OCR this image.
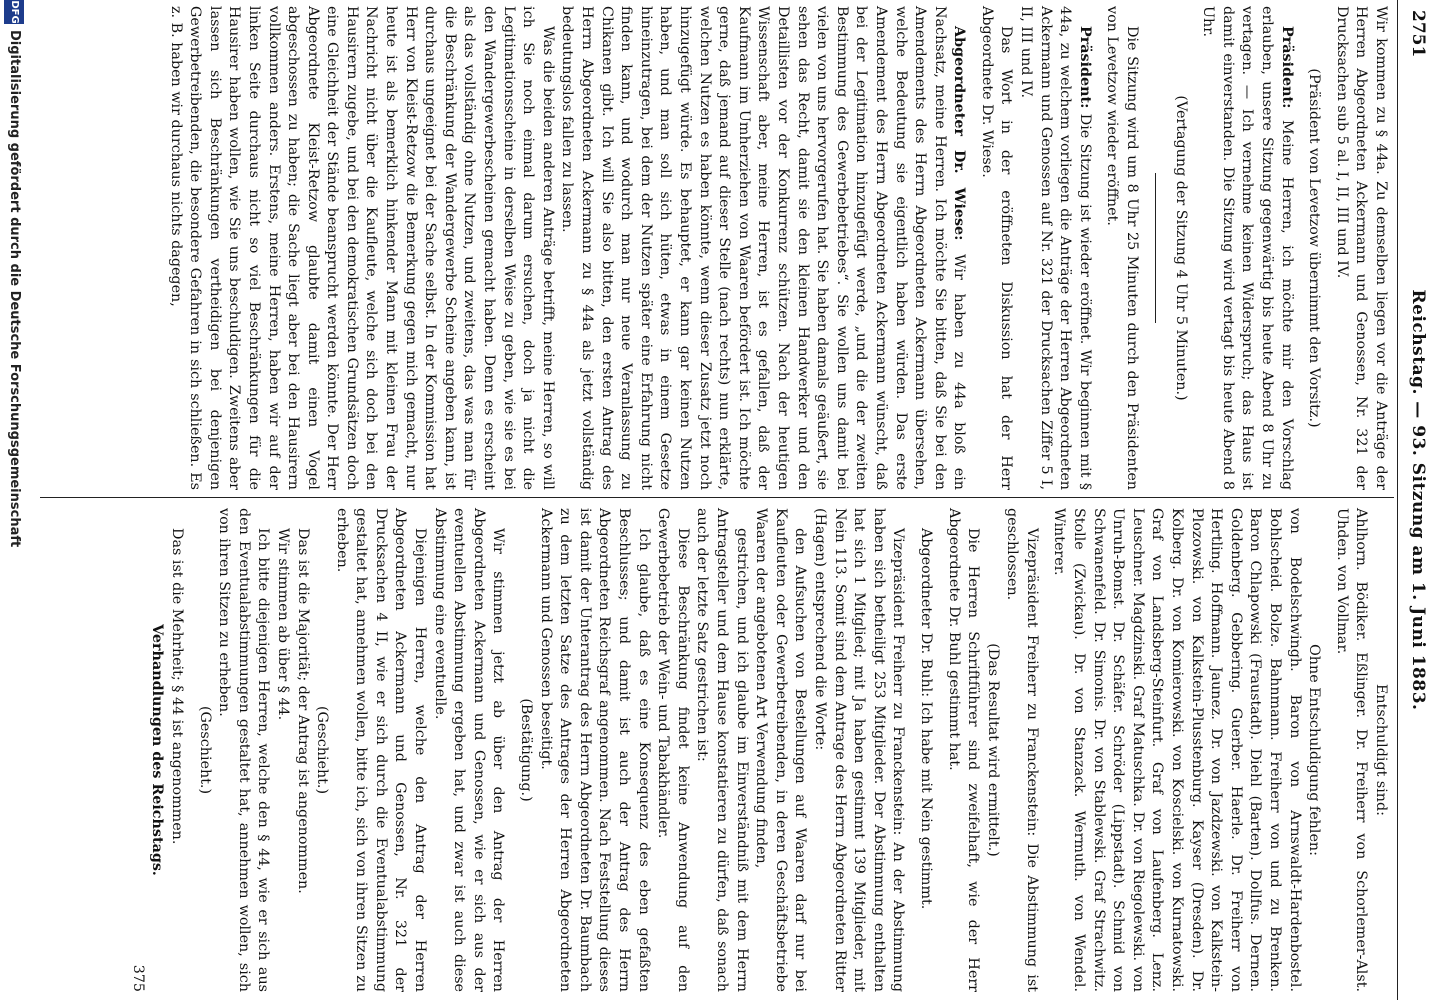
2751
Reichstag. — 93. Sitzung am 1. Juni 1883.

Wir kommen zu § 44a. Zu demselben liegen vor die Anträge der Herren Abgeordneten Ackermann und Genossen, Nr. 321 der Drucksachen sub 5 al. I, II, III und IV.

(Präsident von Levetzow übernimmt den Vorsitz.)

Präsident: Meine Herren, ich möchte mir den Vorschlag erlauben, unsere Sitzung gegenwärtig bis heute Abend 8 Uhr zu vertagen. — Ich vernehme keinen Widerspruch; das Haus ist damit einverstanden. Die Sitzung wird vertagt bis heute Abend 8 Uhr.

(Vertagung der Sitzung 4 Uhr 5 Minuten.)

Die Sitzung wird um 8 Uhr 25 Minuten durch den Präsidenten von Levetzow wieder eröffnet.

Präsident: Die Sitzung ist wieder eröffnet. Wir beginnen mit § 44a, zu welchem vorliegen die Anträge der Herren Abgeordneten Ackermann und Genossen auf Nr. 321 der Drucksachen Ziffer 5 I, II, III und IV.

Das Wort in der eröffneten Diskussion hat der Herr Abgeordnete Dr. Wiese.

Abgeordneter Dr. Wiese: Wir haben zu 44a bloß ein Nachsatz, meine Herren. Ich möchte Sie bitten, daß Sie bei den Amendements des Herrn Abgeordneten Ackermann übersehen, welche Bedeutung sie eigentlich haben würden. Das erste Amendement des Herrn Abgeordneten Ackermann wünscht, daß bei der Legitimation hinzugefügt werde, „und die der zweiten Bestimmung des Gewerbebetriebes“. Sie wollen uns damit bei vielen von uns hervorgerufen hat. Sie haben damals geäußert, sie sehen das Recht, damit sie den kleinen Handwerker und den Detaillisten vor der Konkurrenz schützen. Nach der heutigen Wissenschaft aber, meine Herren, ist es gefallen, daß der Kaufmann im Umherziehen von Waaren befördert ist. Ich möchte gerne, daß jemand auf dieser Stelle (nach rechts) nun erklärte, welchen Nutzen es haben könnte, wenn dieser Zusatz jetzt noch hinzugefügt würde. Es behauptet, er kann gar keinen Nutzen haben, und man soll sich hüten, etwas in einem Gesetze hineinzutragen, bei dem der Nutzen später eine Erfahrung nicht finden kann, und wodurch man nur neue Veranlassung zu Chikanen gibt. Ich will Sie also bitten, den ersten Antrag des Herrn Abgeordneten Ackermann zu § 44a als jetzt vollständig bedeutungslos fallen zu lassen.

Was die beiden anderen Anträge betrifft, meine Herren, so will ich Sie noch einmal darum ersuchen, doch ja nicht die Legitimationsscheine in derselben Weise zu geben, wie sie es bei den Wandergewerbescheinen gemacht haben. Denn es erscheint als das vollständig ohne Nutzen, und zweitens, das was man für die Beschränkung der Wandergewerbe Scheine angeben kann, ist durchaus ungeeignet bei der Sache selbst. In der Kommission hat Herr von Kleist-Retzow die Bemerkung gegen mich gemacht, nur heute ist als bemerklich hinkender Mann mit kleinen Frau der Nachricht nicht über die Kaufleute, welche sich doch bei den Hausirern zugebe, und bei den demokratischen Grundsätzen doch eine Gleichheit der Stände beansprucht werden könnte. Der Herr Abgeordnete Kleist-Retzow glaubte damit einen Vogel abgeschossen zu haben; die Sache liegt aber bei den Hausirern vollkommen anders. Erstens, meine Herren, haben wir auf der linken Seite durchaus nicht so viel Beschränkungen für die Hausirer haben wollen, wie Sie uns beschuldigen. Zweitens aber lassen sich Beschränkungen vertheidigen bei denjenigen Gewerbetreibenden, die besondere Gefahren in sich schließen. Es z. B. haben wir durchaus nichts dagegen,

Entschuldigt sind:

Ahlhorn. Bödiker. Eßlinger. Dr. Freiherr von Schorlemer-Alst. Uhden. von Vollmar.

Ohne Entschuldigung fehlen:

von Bodelschwingh. Baron von Arnswaldt-Hardenbostel. Bohlscheid. Bolze. Bahnmann. Freiherr von und zu Brenken. Baron Chlapowski (Fraustadt). Diehl (Barten). Dollfus. Dernen. Goldenberg. Gebbering. Guerber. Haerle. Dr. Freiherr von Hertling. Hoffmann. Jaunez. Dr. von Jazdzewski. von Kalkstein-Plozowski. von Kalkstein-Plusstenburg. Kayser (Dresden). Dr. Kolberg. Dr. von Komierowski. von Koscielski. von Kurnatowski. Graf von Landsberg-Steinfurt. Graf von Laufenberg. Lenz. Leuschner. Magdzinski. Graf Matuschka. Dr. von Riegolewski. von Unruh-Bomst. Dr. Schäfer. Schröder (Lippstadt). Schmid von Schwanenfeld. Dr. Simonis. Dr. von Stablewski. Graf Strachwitz. Stolle (Zwickau). Dr. von Stanzack. Wermuth. von Wendel. Winterer.

Vizepräsident Freiherr zu Franckenstein: Die Abstimmung ist geschlossen.

(Das Resultat wird ermittelt.)

Die Herren Schriftführer sind zweifelhaft, wie der Herr Abgeordnete Dr. Buhl gestimmt hat.

Abgeordneter Dr. Buhl: Ich habe mit Nein gestimmt.

Vizepräsident Freiherr zu Franckenstein: An der Abstimmung haben sich betheiligt 253 Mitglieder. Der Abstimmung enthalten hat sich 1 Mitglied; mit Ja haben gestimmt 139 Mitglieder, mit Nein 113. Somit sind dem Antrage des Herrn Abgeordneten Ritter (Hagen) entsprechend die Worte:

den Aufsuchen von Bestellungen auf Waaren darf nur bei Kaufleuten oder Gewerbetreibenden, in deren Geschäftsbetriebe Waaren der angebotenen Art Verwendung finden,

gestrichen, und ich glaube im Einverständniß mit dem Herrn Antragsteller und dem Hause konstatieren zu dürfen, daß sonach auch der letzte Satz gestrichen ist:

Diese Beschränkung findet keine Anwendung auf den Gewerbebetrieb der Wein- und Tabakhändler.

Ich glaube, daß es eine Konsequenz des eben gefaßten Beschlusses; und damit ist auch der Antrag des Herrn Abgeordneten Reichsgraf angenommen. Nach Feststellung dieses ist damit der Unterantrag des Herrn Abgeordneten Dr. Baumbach zu dem letzten Satze des Antrages der Herren Abgeordneten Ackermann und Genossen beseitigt.

(Bestätigung.)

Wir stimmen jetzt ab über den Antrag der Herren Abgeordneten Ackermann und Genossen, wie er sich aus der eventuellen Abstimmung ergeben hat, und zwar ist auch diese Abstimmung eine eventuelle.

Diejenigen Herren, welche den Antrag der Herren Abgeordneten Ackermann und Genossen, Nr. 321 der Drucksachen 4 II, wie er sich durch die Eventualabstimmung gestaltet hat, annehmen wollen, bitte ich, sich von ihren Sitzen zu erheben.

(Geschieht.)

Das ist die Majorität; der Antrag ist angenommen.

Wir stimmen ab über § 44.

Ich bitte diejenigen Herren, welche den § 44, wie er sich aus den Eventualabstimmungen gestaltet hat, annehmen wollen, sich von ihren Sitzen zu erheben.

(Geschieht.)

Das ist die Mehrheit; § 44 ist angenommen.

Verhandlungen des Reichstags.

375

DFG
Digitalisierung gefördert durch die Deutsche Forschungsgemeinschaft
